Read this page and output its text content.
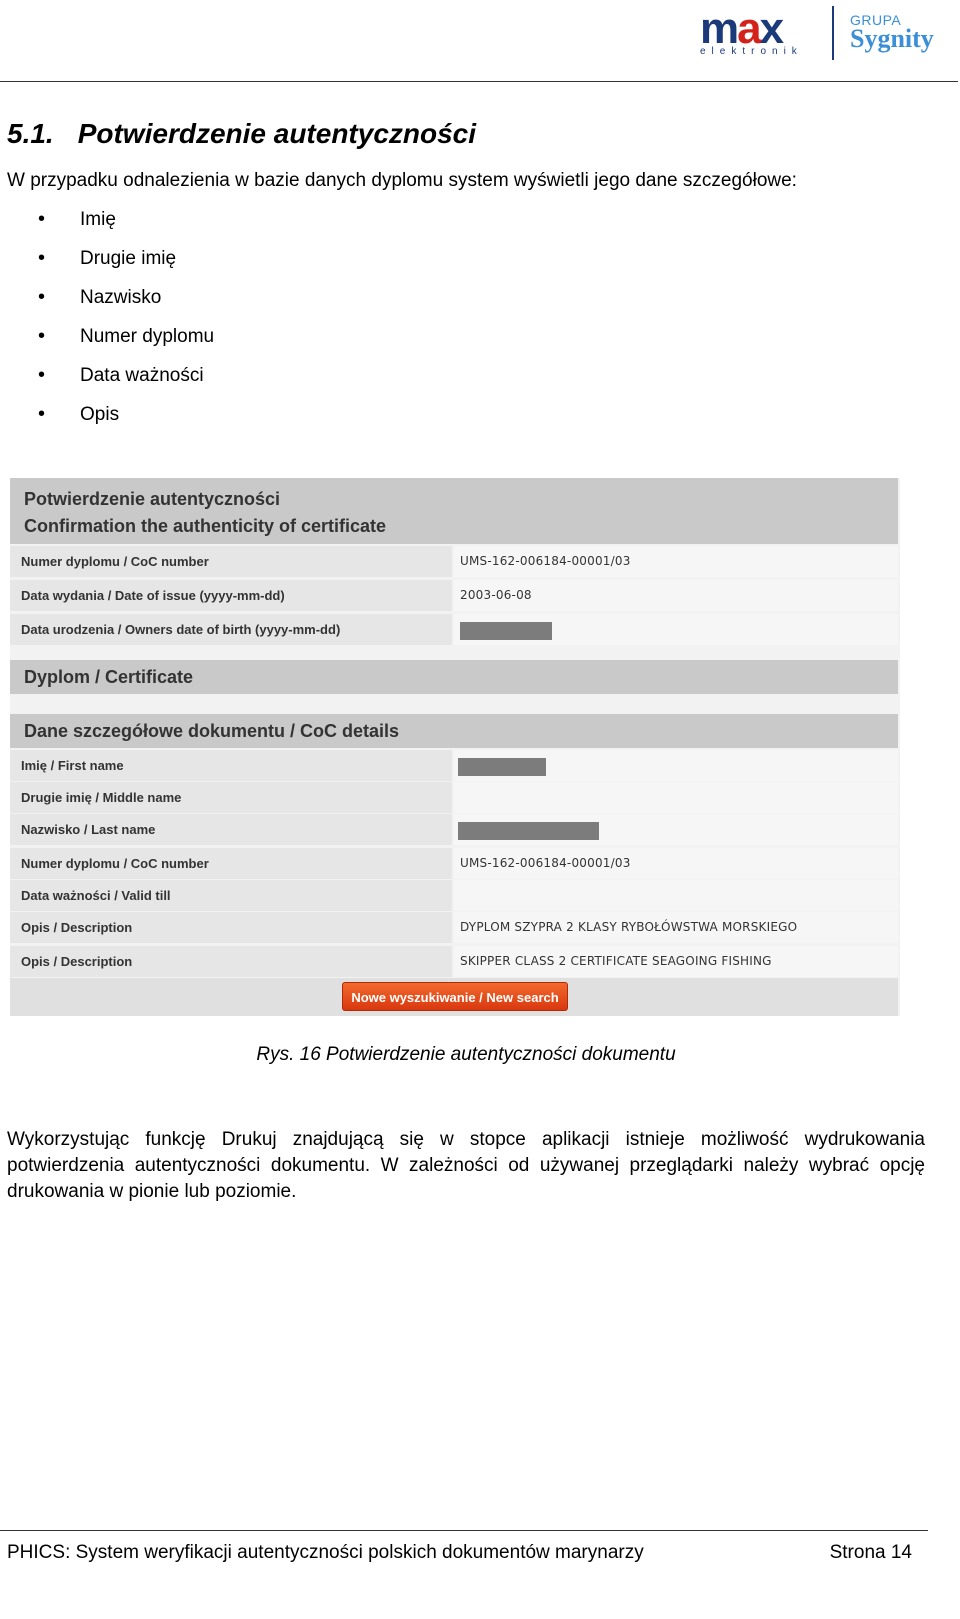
max
elektronik
GRUPA
Sygnity
5.1. Potwierdzenie autentyczności
W przypadku odnalezienia w bazie danych dyplomu system wyświetli jego dane szczegółowe:
• Imię
• Drugie imię
• Nazwisko
• Numer dyplomu
• Data ważności
• Opis
Potwierdzenie autentyczności
Confirmation the authenticity of certificate
Numer dyplomu / CoC number	UMS-162-006184-00001/03
Data wydania / Date of issue (yyyy-mm-dd)	2003-06-08
Data urodzenia / Owners date of birth (yyyy-mm-dd)
Dyplom / Certificate
Dane szczegółowe dokumentu / CoC details
Imię / First name
Drugie imię / Middle name
Nazwisko / Last name
Numer dyplomu / CoC number	UMS-162-006184-00001/03
Data ważności / Valid till
Opis / Description	DYPLOM SZYPRA 2 KLASY RYBOŁÓWSTWA MORSKIEGO
Opis / Description	SKIPPER CLASS 2 CERTIFICATE SEAGOING FISHING
Nowe wyszukiwanie / New search
Rys. 16 Potwierdzenie autentyczności dokumentu
Wykorzystując funkcję Drukuj znajdującą się w stopce aplikacji istnieje możliwość wydrukowania potwierdzenia autentyczności dokumentu. W zależności od używanej przeglądarki należy wybrać opcję drukowania w pionie lub poziomie.
PHICS: System weryfikacji autentyczności polskich dokumentów marynarzy	Strona 14
